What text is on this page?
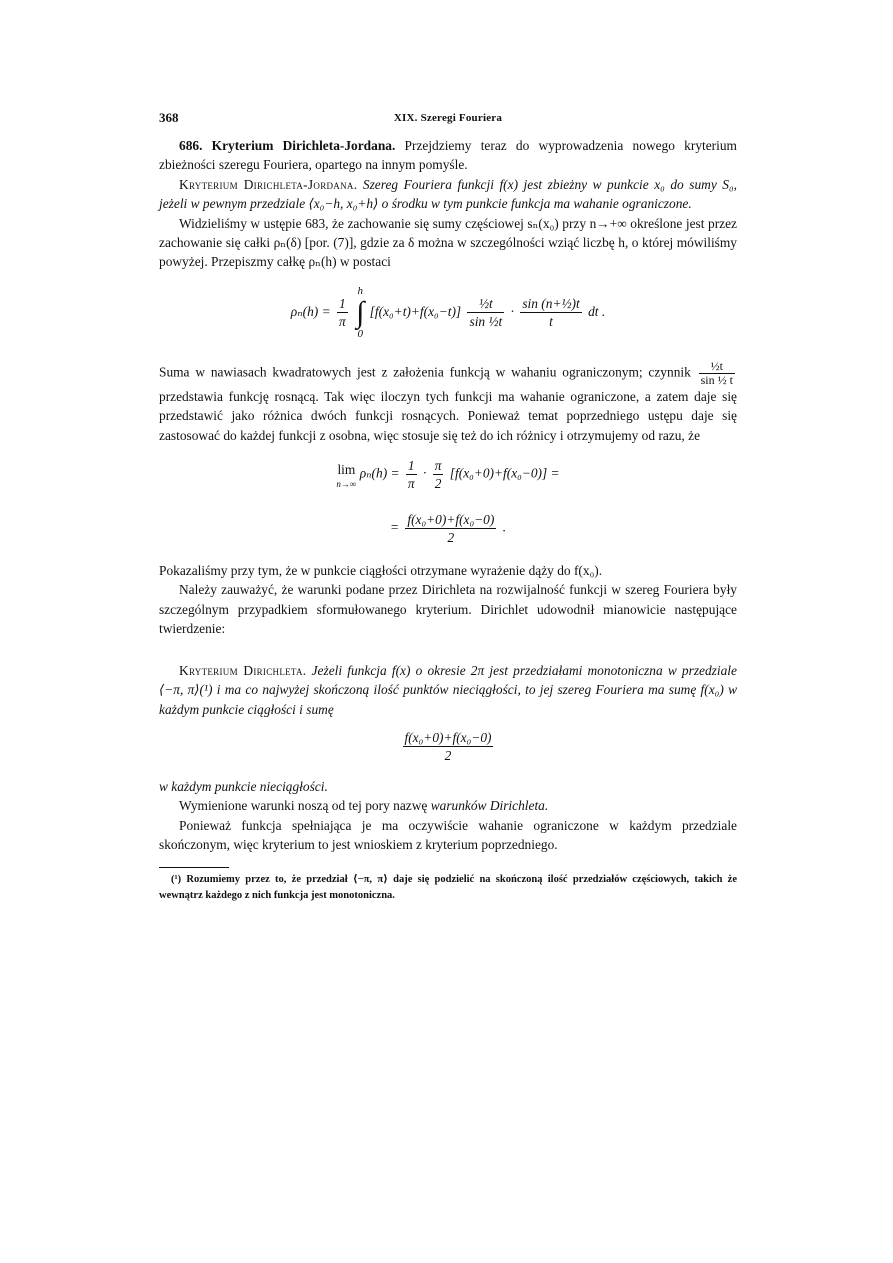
368	XIX. Szeregi Fouriera

686. Kryterium Dirichleta-Jordana. Przejdziemy teraz do wyprowadzenia nowego kryterium zbieżności szeregu Fouriera, opartego na innym pomyśle.

Kryterium Dirichleta-Jordana. Szereg Fouriera funkcji f(x) jest zbieżny w punkcie x₀ do sumy S₀, jeżeli w pewnym przedziale ⟨x₀−h, x₀+h⟩ o środku w tym punkcie funkcja ma wahanie ograniczone.

Widzieliśmy w ustępie 683, że zachowanie się sumy częściowej sₙ(x₀) przy n→+∞ określone jest przez zachowanie się całki ρₙ(δ) [por. (7)], gdzie za δ można w szczególności wziąć liczbę h, o której mówiliśmy powyżej. Przepiszmy całkę ρₙ(h) w postaci

$\rho_n(h) = \frac{1}{\pi}$

h
∫
0
$[f(x_0+t)+f(x_0-t)] \frac{\text{½t}}{\text{sin ½t}} \cdot \frac{\text{sin (n+½)t}}{t}$ dt .

Suma w nawiasach kwadratowych jest z założenia funkcją w wahaniu ograniczonym; czynnik $\frac{\text{½t}}{\text{sin ½ t}}$
przedstawia funkcję rosnącą. Tak więc iloczyn tych funkcji ma wahanie ograniczone, a zatem daje się przedstawić jako różnica dwóch funkcji rosnących. Ponieważ temat poprzedniego ustępu daje się zastosować do każdej funkcji z osobna, więc stosuje się też do ich różnicy i otrzymujemy od razu, że

lim
n→∞
$\rho_n(h) = \frac{1}{\pi} \cdot \frac{\pi}{2} [f(x_0+0)+f(x_0-0)]$ =
= $\frac{\text{f(x₀+0)+f(x₀−0)}}{2}$ .

Pokazaliśmy przy tym, że w punkcie ciągłości otrzymane wyrażenie dąży do f(x₀).

Należy zauważyć, że warunki podane przez Dirichleta na rozwijalność funkcji w szereg Fouriera były szczególnym przypadkiem sformułowanego kryterium. Dirichlet udowodnił mianowicie następujące twierdzenie:

Kryterium Dirichleta. Jeżeli funkcja f(x) o okresie 2π jest przedziałami monotoniczna w przedziale ⟨−π, π⟩(¹) i ma co najwyżej skończoną ilość punktów nieciągłości, to jej szereg Fouriera ma sumę f(x₀) w każdym punkcie ciągłości i sumę

$\frac{\text{f(x₀+0)+f(x₀−0)}}{2}$

w każdym punkcie nieciągłości.

Wymienione warunki noszą od tej pory nazwę warunków Dirichleta.

Ponieważ funkcja spełniająca je ma oczywiście wahanie ograniczone w każdym przedziale skończonym, więc kryterium to jest wnioskiem z kryterium poprzedniego.

(¹) Rozumiemy przez to, że przedział ⟨−π, π⟩ daje się podzielić na skończoną ilość przedziałów częściowych, takich że wewnątrz każdego z nich funkcja jest monotoniczna.
